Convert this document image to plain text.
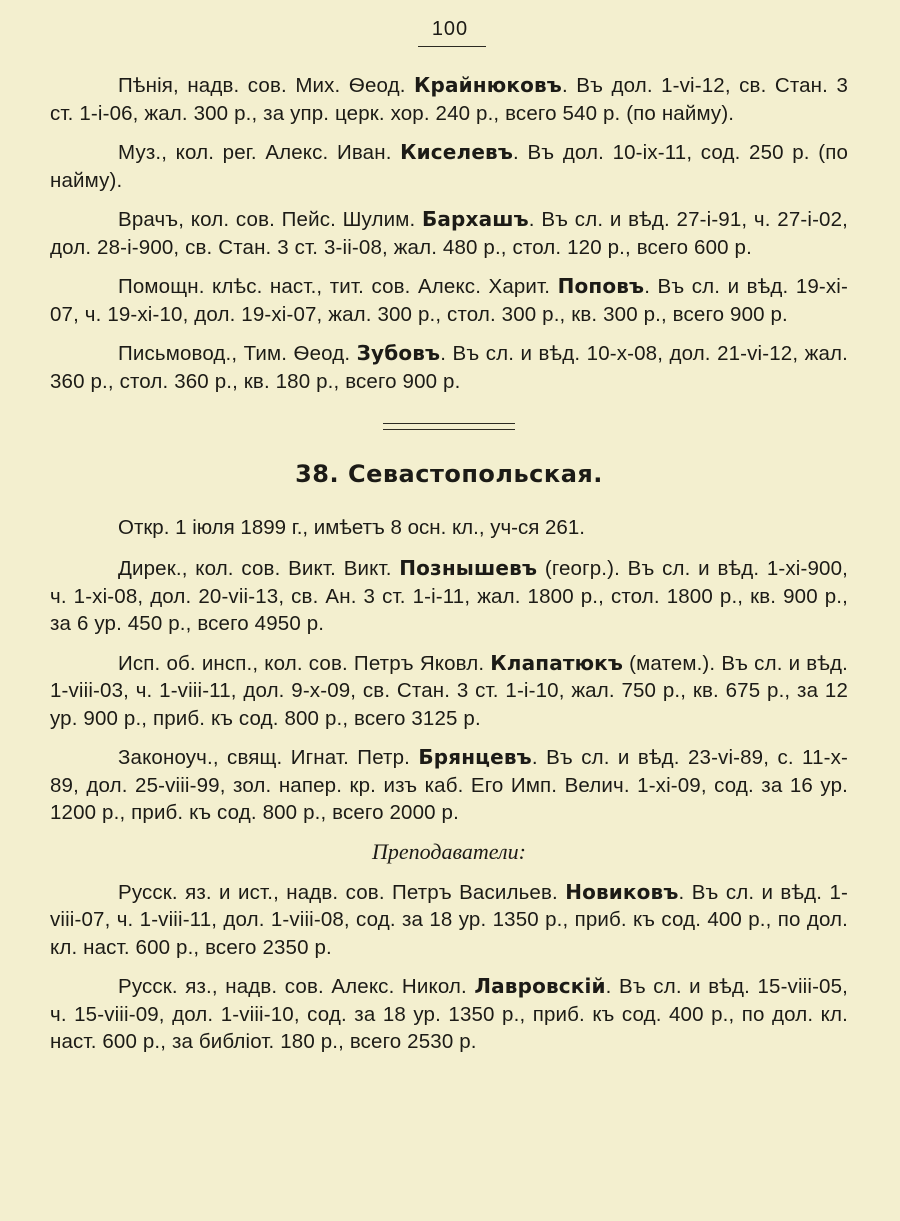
100

Пѣнія, надв. сов. Мих. Ѳеод. Крайнюковъ. Въ дол. 1-vi-12, св. Стан. 3 ст. 1-i-06, жал. 300 р., за упр. церк. хор. 240 р., всего 540 р. (по найму).

Муз., кол. рег. Алекс. Иван. Киселевъ. Въ дол. 10-ix-11, сод. 250 р. (по найму).

Врачъ, кол. сов. Пейс. Шулим. Бархашъ. Въ сл. и вѣд. 27-i-91, ч. 27-i-02, дол. 28-i-900, св. Стан. 3 ст. 3-ii-08, жал. 480 р., стол. 120 р., всего 600 р.

Помощн. клѣс. наст., тит. сов. Алекс. Харит. Поповъ. Въ сл. и вѣд. 19-xi-07, ч. 19-xi-10, дол. 19-xi-07, жал. 300 р., стол. 300 р., кв. 300 р., всего 900 р.

Письмовод., Тим. Ѳеод. Зубовъ. Въ сл. и вѣд. 10-x-08, дол. 21-vi-12, жал. 360 р., стол. 360 р., кв. 180 р., всего 900 р.

38. Севастопольская.
Откр. 1 іюля 1899 г., имѣетъ 8 осн. кл., уч-ся 261.

Дирек., кол. сов. Викт. Викт. Познышевъ (геогр.). Въ сл. и вѣд. 1-xi-900, ч. 1-xi-08, дол. 20-vii-13, св. Ан. 3 ст. 1-i-11, жал. 1800 р., стол. 1800 р., кв. 900 р., за 6 ур. 450 р., всего 4950 р.

Исп. об. инсп., кол. сов. Петръ Яковл. Клапатюкъ (матем.). Въ сл. и вѣд. 1-viii-03, ч. 1-viii-11, дол. 9-x-09, св. Стан. 3 ст. 1-i-10, жал. 750 р., кв. 675 р., за 12 ур. 900 р., приб. къ сод. 800 р., всего 3125 р.

Законоуч., свящ. Игнат. Петр. Брянцевъ. Въ сл. и вѣд. 23-vi-89, с. 11-x-89, дол. 25-viii-99, зол. напер. кр. изъ каб. Его Имп. Велич. 1-xi-09, сод. за 16 ур. 1200 р., приб. къ сод. 800 р., всего 2000 р.

Преподаватели:

Русск. яз. и ист., надв. сов. Петръ Васильев. Новиковъ. Въ сл. и вѣд. 1-viii-07, ч. 1-viii-11, дол. 1-viii-08, сод. за 18 ур. 1350 р., приб. къ сод. 400 р., по дол. кл. наст. 600 р., всего 2350 р.

Русск. яз., надв. сов. Алекс. Никол. Лавровскій. Въ сл. и вѣд. 15-viii-05, ч. 15-viii-09, дол. 1-viii-10, сод. за 18 ур. 1350 р., приб. къ сод. 400 р., по дол. кл. наст. 600 р., за библіот. 180 р., всего 2530 р.
